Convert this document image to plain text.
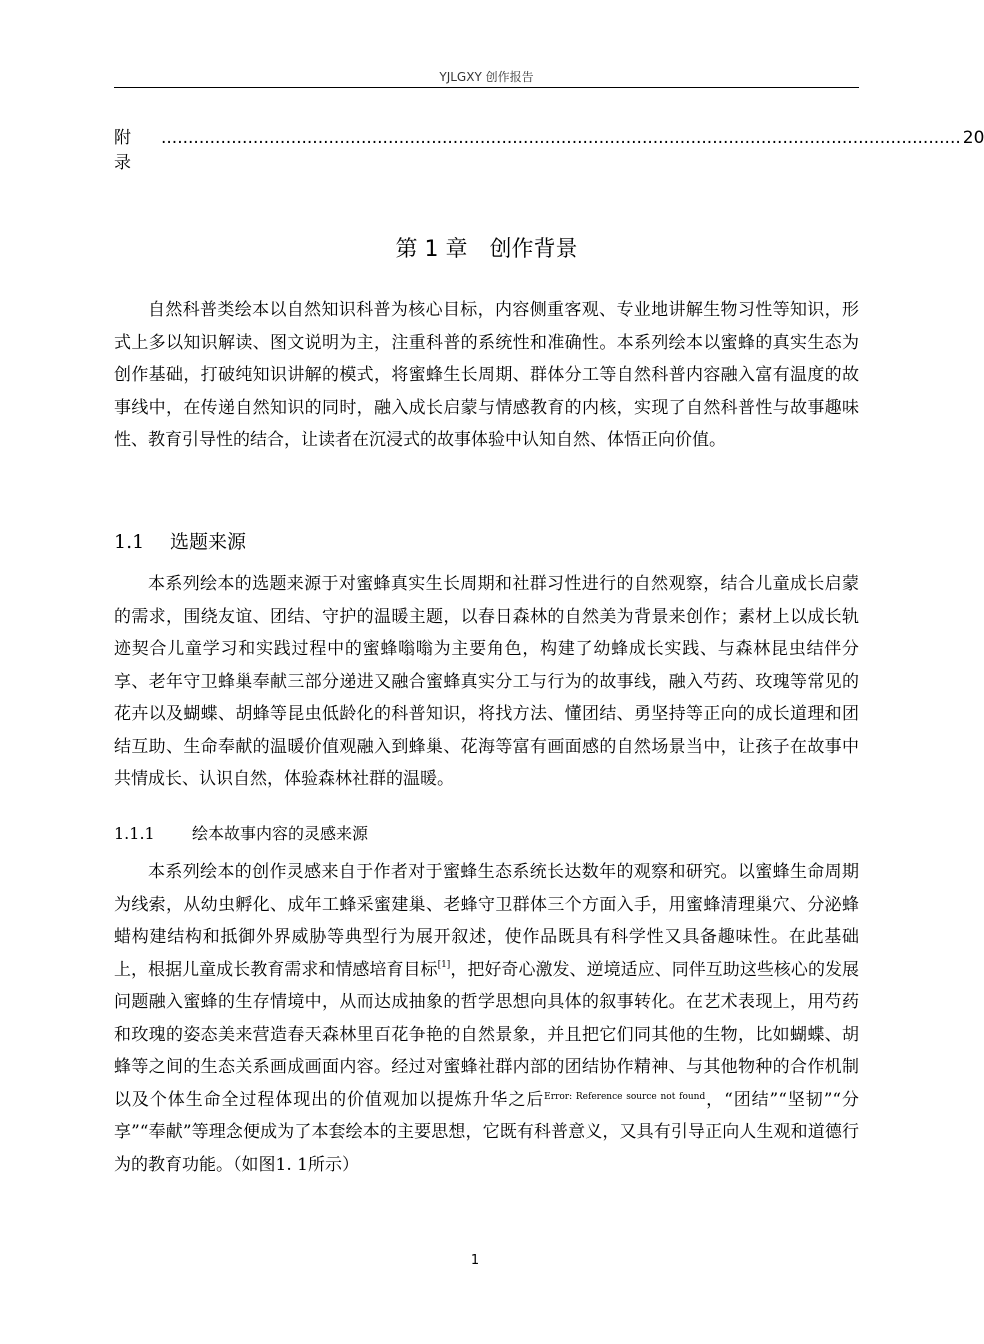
YJLGXY 创作报告
附录
.................................................................................................................................................... 20
第 1 章 创作背景

自然科普类绘本以自然知识科普为核心目标，内容侧重客观、专业地讲解生物习性等知识，形式上多以知识解读、图文说明为主，注重科普的系统性和准确性。本系列绘本以蜜蜂的真实生态为创作基础，打破纯知识讲解的模式，将蜜蜂生长周期、群体分工等自然科普内容融入富有温度的故事线中，在传递自然知识的同时，融入成长启蒙与情感教育的内核，实现了自然科普性与故事趣味性、教育引导性的结合，让读者在沉浸式的故事体验中认知自然、体悟正向价值。

1.1 选题来源

本系列绘本的选题来源于对蜜蜂真实生长周期和社群习性进行的自然观察，结合儿童成长启蒙的需求，围绕友谊、团结、守护的温暖主题，以春日森林的自然美为背景来创作；素材上以成长轨迹契合儿童学习和实践过程中的蜜蜂嗡嗡为主要角色，构建了幼蜂成长实践、与森林昆虫结伴分享、老年守卫蜂巢奉献三部分递进又融合蜜蜂真实分工与行为的故事线，融入芍药、玫瑰等常见的花卉以及蝴蝶、胡蜂等昆虫低龄化的科普知识，将找方法、懂团结、勇坚持等正向的成长道理和团结互助、生命奉献的温暖价值观融入到蜂巢、花海等富有画面感的自然场景当中，让孩子在故事中共情成长、认识自然，体验森林社群的温暖。

1.1.1 绘本故事内容的灵感来源

本系列绘本的创作灵感来自于作者对于蜜蜂生态系统长达数年的观察和研究。以蜜蜂生命周期为线索，从幼虫孵化、成年工蜂采蜜建巢、老蜂守卫群体三个方面入手，用蜜蜂清理巢穴、分泌蜂蜡构建结构和抵御外界威胁等典型行为展开叙述，使作品既具有科学性又具备趣味性。在此基础上，根据儿童成长教育需求和情感培育目标[1]，把好奇心激发、逆境适应、同伴互助这些核心的发展问题融入蜜蜂的生存情境中，从而达成抽象的哲学思想向具体的叙事转化。在艺术表现上，用芍药和玫瑰的姿态美来营造春天森林里百花争艳的自然景象，并且把它们同其他的生物，比如蝴蝶、胡蜂等之间的生态关系画成画面内容。经过对蜜蜂社群内部的团结协作精神、与其他物种的合作机制以及个体生命全过程体现出的价值观加以提炼升华之后$^{Error: Reference source not found}$，“团结”“坚韧”“分享”“奉献”等理念便成为了本套绘本的主要思想，它既有科普意义，又具有引导正向人生观和道德行为的教育功能。（如图1. 1所示）

1
